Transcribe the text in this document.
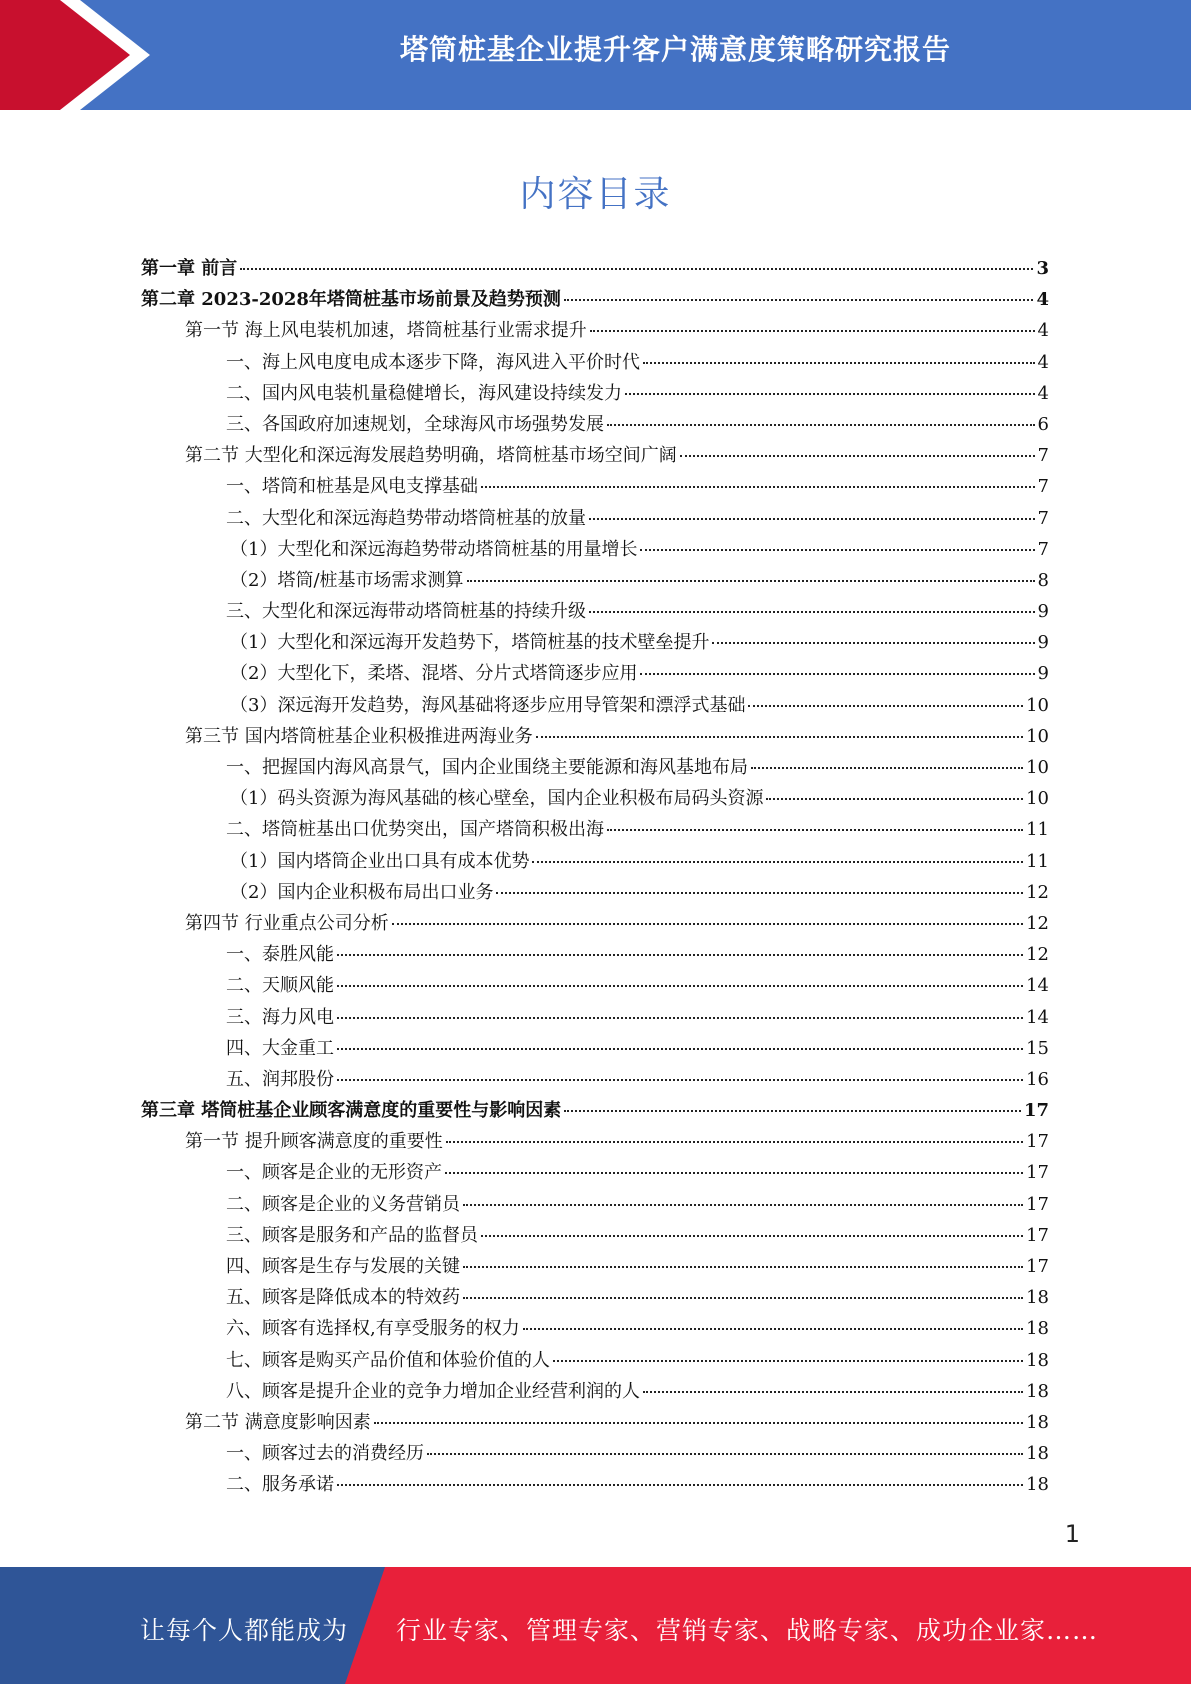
塔筒桩基企业提升客户满意度策略研究报告
内容目录
第一章 前言	3
第二章 2023-2028年塔筒桩基市场前景及趋势预测	4
第一节 海上风电装机加速，塔筒桩基行业需求提升	4
一、海上风电度电成本逐步下降，海风进入平价时代	4
二、国内风电装机量稳健增长，海风建设持续发力	4
三、各国政府加速规划，全球海风市场强势发展	6
第二节 大型化和深远海发展趋势明确，塔筒桩基市场空间广阔	7
一、塔筒和桩基是风电支撑基础	7
二、大型化和深远海趋势带动塔筒桩基的放量	7
（1）大型化和深远海趋势带动塔筒桩基的用量增长	7
（2）塔筒/桩基市场需求测算	8
三、大型化和深远海带动塔筒桩基的持续升级	9
（1）大型化和深远海开发趋势下，塔筒桩基的技术壁垒提升	9
（2）大型化下，柔塔、混塔、分片式塔筒逐步应用	9
（3）深远海开发趋势，海风基础将逐步应用导管架和漂浮式基础	10
第三节 国内塔筒桩基企业积极推进两海业务	10
一、把握国内海风高景气，国内企业围绕主要能源和海风基地布局	10
（1）码头资源为海风基础的核心壁垒，国内企业积极布局码头资源	10
二、塔筒桩基出口优势突出，国产塔筒积极出海	11
（1）国内塔筒企业出口具有成本优势	11
（2）国内企业积极布局出口业务	12
第四节 行业重点公司分析	12
一、泰胜风能	12
二、天顺风能	14
三、海力风电	14
四、大金重工	15
五、润邦股份	16
第三章 塔筒桩基企业顾客满意度的重要性与影响因素	17
第一节 提升顾客满意度的重要性	17
一、顾客是企业的无形资产	17
二、顾客是企业的义务营销员	17
三、顾客是服务和产品的监督员	17
四、顾客是生存与发展的关键	17
五、顾客是降低成本的特效药	18
六、顾客有选择权,有享受服务的权力	18
七、顾客是购买产品价值和体验价值的人	18
八、顾客是提升企业的竞争力增加企业经营利润的人	18
第二节 满意度影响因素	18
一、顾客过去的消费经历	18
二、服务承诺	18
1
让每个人都能成为 行业专家、管理专家、营销专家、战略专家、成功企业家……
